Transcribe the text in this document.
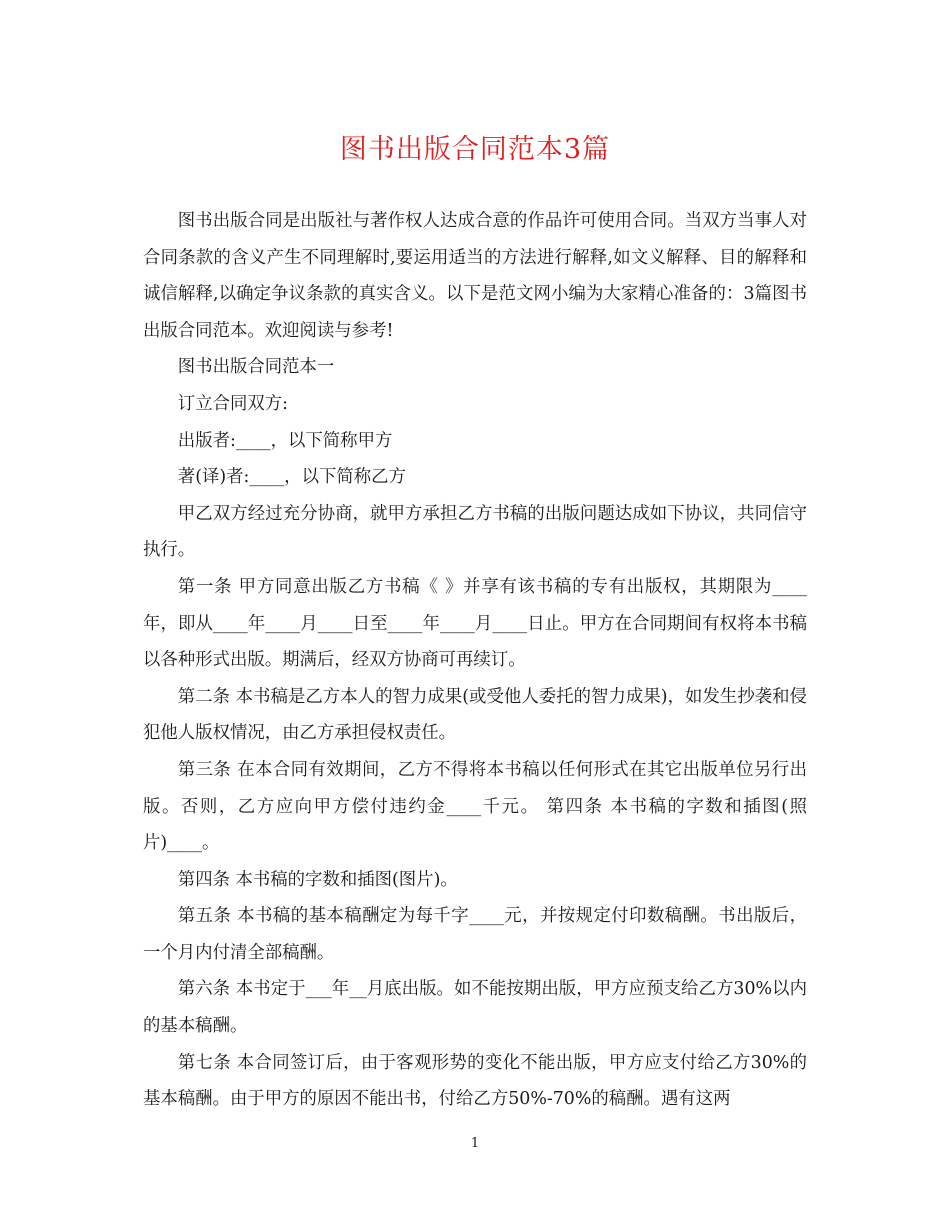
图书出版合同范本3篇

图书出版合同是出版社与著作权人达成合意的作品许可使用合同。当双方当事人对合同条款的含义产生不同理解时,要运用适当的方法进行解释,如文义解释、目的解释和诚信解释,以确定争议条款的真实含义。以下是范文网小编为大家精心准备的：3篇图书出版合同范本。欢迎阅读与参考!

图书出版合同范本一

订立合同双方:

出版者:____，以下简称甲方

著(译)者:____，以下简称乙方

甲乙双方经过充分协商，就甲方承担乙方书稿的出版问题达成如下协议，共同信守执行。

第一条 甲方同意出版乙方书稿《 》并享有该书稿的专有出版权，其期限为____年，即从____年____月____日至____年____月____日止。甲方在合同期间有权将本书稿以各种形式出版。期满后，经双方协商可再续订。

第二条 本书稿是乙方本人的智力成果(或受他人委托的智力成果)，如发生抄袭和侵犯他人版权情况，由乙方承担侵权责任。

第三条 在本合同有效期间，乙方不得将本书稿以任何形式在其它出版单位另行出版。否则，乙方应向甲方偿付违约金____千元。 第四条 本书稿的字数和插图(照片)____。

第四条 本书稿的字数和插图(图片)。

第五条 本书稿的基本稿酬定为每千字____元，并按规定付印数稿酬。书出版后，一个月内付清全部稿酬。

第六条 本书定于___年__月底出版。如不能按期出版，甲方应预支给乙方30%以内的基本稿酬。

第七条 本合同签订后，由于客观形势的变化不能出版，甲方应支付给乙方30%的基本稿酬。由于甲方的原因不能出书，付给乙方50%-70%的稿酬。遇有这两

1
